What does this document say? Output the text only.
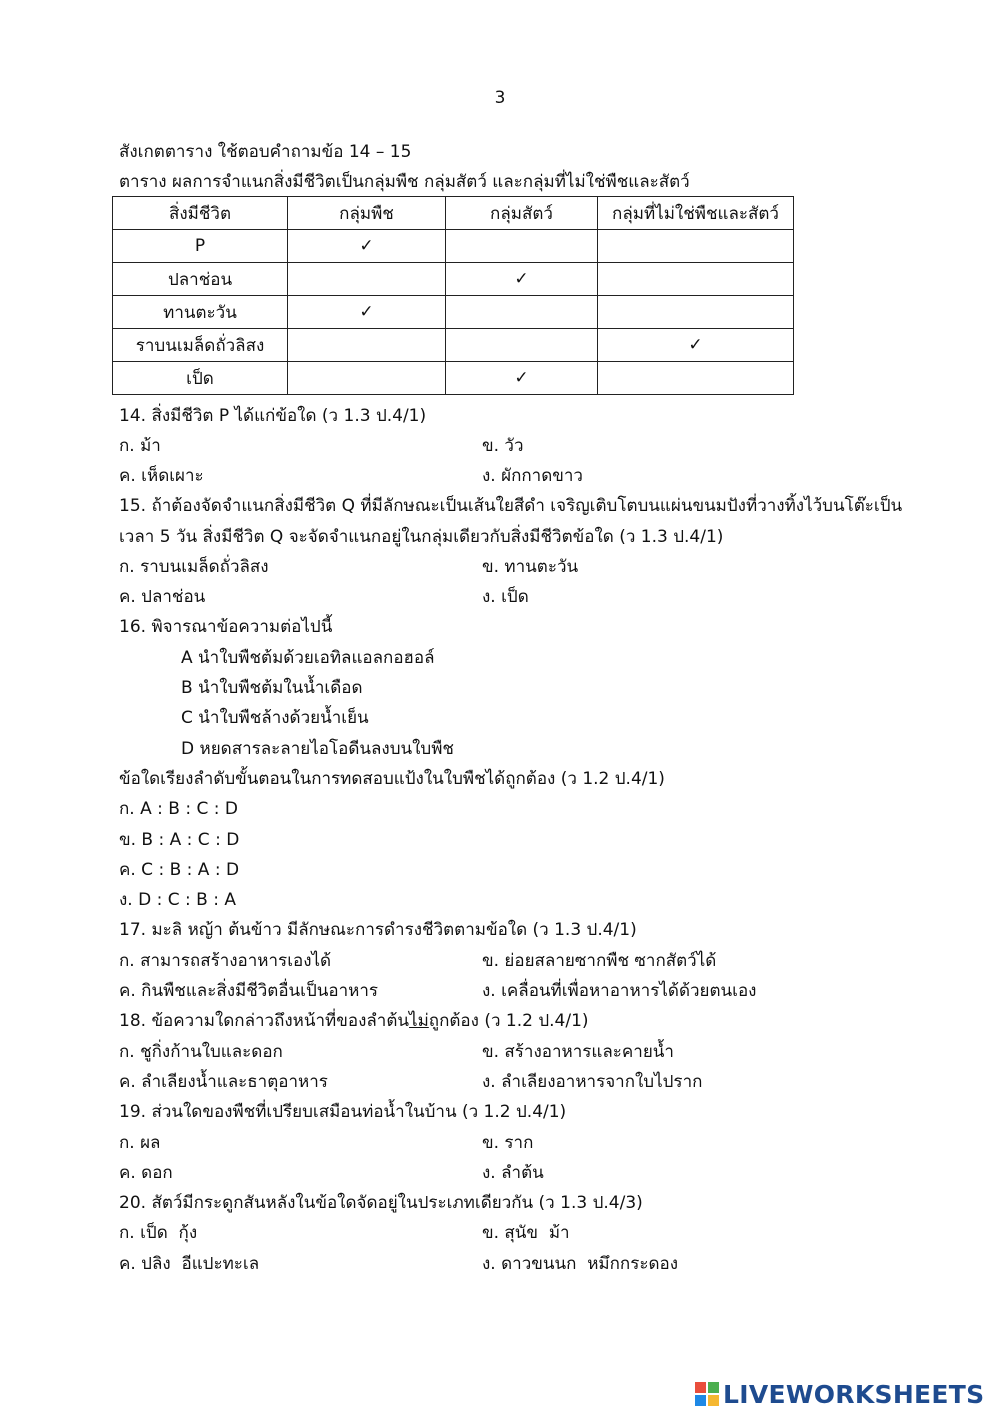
3
สังเกตตาราง ใช้ตอบคำถามข้อ 14 – 15
ตาราง ผลการจำแนกสิ่งมีชีวิตเป็นกลุ่มพืช กลุ่มสัตว์ และกลุ่มที่ไม่ใช่พืชและสัตว์
สิ่งมีชีวิต	กลุ่มพืช	กลุ่มสัตว์	กลุ่มที่ไม่ใช่พืชและสัตว์
P	✓		
ปลาช่อน		✓	
ทานตะวัน	✓		
ราบนเมล็ดถั่วลิสง			✓
เป็ด		✓	
14. สิ่งมีชีวิต P ได้แก่ข้อใด (ว 1.3 ป.4/1)
ก. ม้า	ข. วัว
ค. เห็ดเผาะ	ง. ผักกาดขาว
15. ถ้าต้องจัดจำแนกสิ่งมีชีวิต Q ที่มีลักษณะเป็นเส้นใยสีดำ เจริญเติบโตบนแผ่นขนมปังที่วางทิ้งไว้บนโต๊ะเป็น
เวลา 5 วัน สิ่งมีชีวิต Q จะจัดจำแนกอยู่ในกลุ่มเดียวกับสิ่งมีชีวิตข้อใด (ว 1.3 ป.4/1)
ก. ราบนเมล็ดถั่วลิสง	ข. ทานตะวัน
ค. ปลาช่อน	ง. เป็ด
16. พิจารณาข้อความต่อไปนี้
A นำใบพืชต้มด้วยเอทิลแอลกอฮอล์
B นำใบพืชต้มในน้ำเดือด
C นำใบพืชล้างด้วยน้ำเย็น
D หยดสารละลายไอโอดีนลงบนใบพืช
ข้อใดเรียงลำดับขั้นตอนในการทดสอบแป้งในใบพืชได้ถูกต้อง (ว 1.2 ป.4/1)
ก. A : B : C : D
ข. B : A : C : D
ค. C : B : A : D
ง. D : C : B : A
17. มะลิ หญ้า ต้นข้าว มีลักษณะการดำรงชีวิตตามข้อใด (ว 1.3 ป.4/1)
ก. สามารถสร้างอาหารเองได้	ข. ย่อยสลายซากพืช ซากสัตว์ได้
ค. กินพืชและสิ่งมีชีวิตอื่นเป็นอาหาร	ง. เคลื่อนที่เพื่อหาอาหารได้ด้วยตนเอง
18. ข้อความใดกล่าวถึงหน้าที่ของลำต้นไม่ถูกต้อง (ว 1.2 ป.4/1)
ก. ชูกิ่งก้านใบและดอก	ข. สร้างอาหารและคายน้ำ
ค. ลำเลียงน้ำและธาตุอาหาร	ง. ลำเลียงอาหารจากใบไปราก
19. ส่วนใดของพืชที่เปรียบเสมือนท่อน้ำในบ้าน (ว 1.2 ป.4/1)
ก. ผล	ข. ราก
ค. ดอก	ง. ลำต้น
20. สัตว์มีกระดูกสันหลังในข้อใดจัดอยู่ในประเภทเดียวกัน (ว 1.3 ป.4/3)
ก. เป็ด  กุ้ง	ข. สุนัข  ม้า
ค. ปลิง  อีแปะทะเล	ง. ดาวขนนก  หมึกกระดอง
LIVEWORKSHEETS
